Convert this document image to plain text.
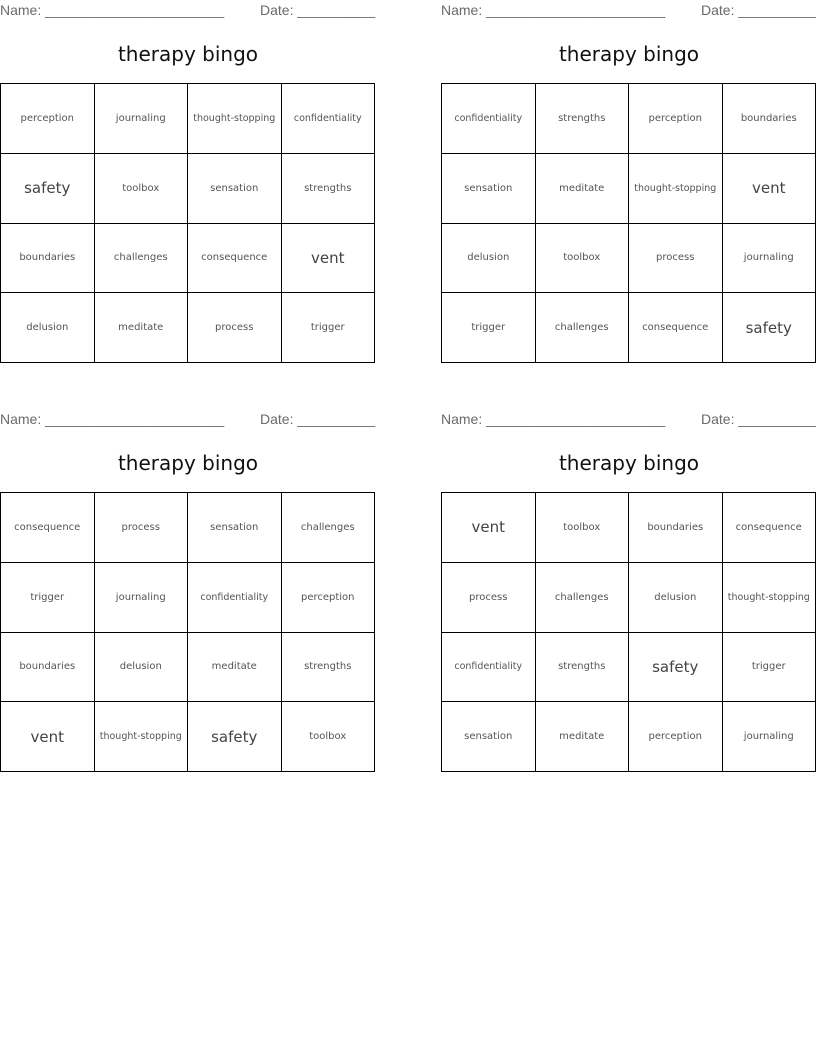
Name: _______________________	Date: __________
therapy bingo
perception	journaling	thought-stopping	confidentiality
safety	toolbox	sensation	strengths
boundaries	challenges	consequence	vent
delusion	meditate	process	trigger
Name: _______________________	Date: __________
therapy bingo
confidentiality	strengths	perception	boundaries
sensation	meditate	thought-stopping	vent
delusion	toolbox	process	journaling
trigger	challenges	consequence	safety
Name: _______________________	Date: __________
therapy bingo
consequence	process	sensation	challenges
trigger	journaling	confidentiality	perception
boundaries	delusion	meditate	strengths
vent	thought-stopping	safety	toolbox
Name: _______________________	Date: __________
therapy bingo
vent	toolbox	boundaries	consequence
process	challenges	delusion	thought-stopping
confidentiality	strengths	safety	trigger
sensation	meditate	perception	journaling
